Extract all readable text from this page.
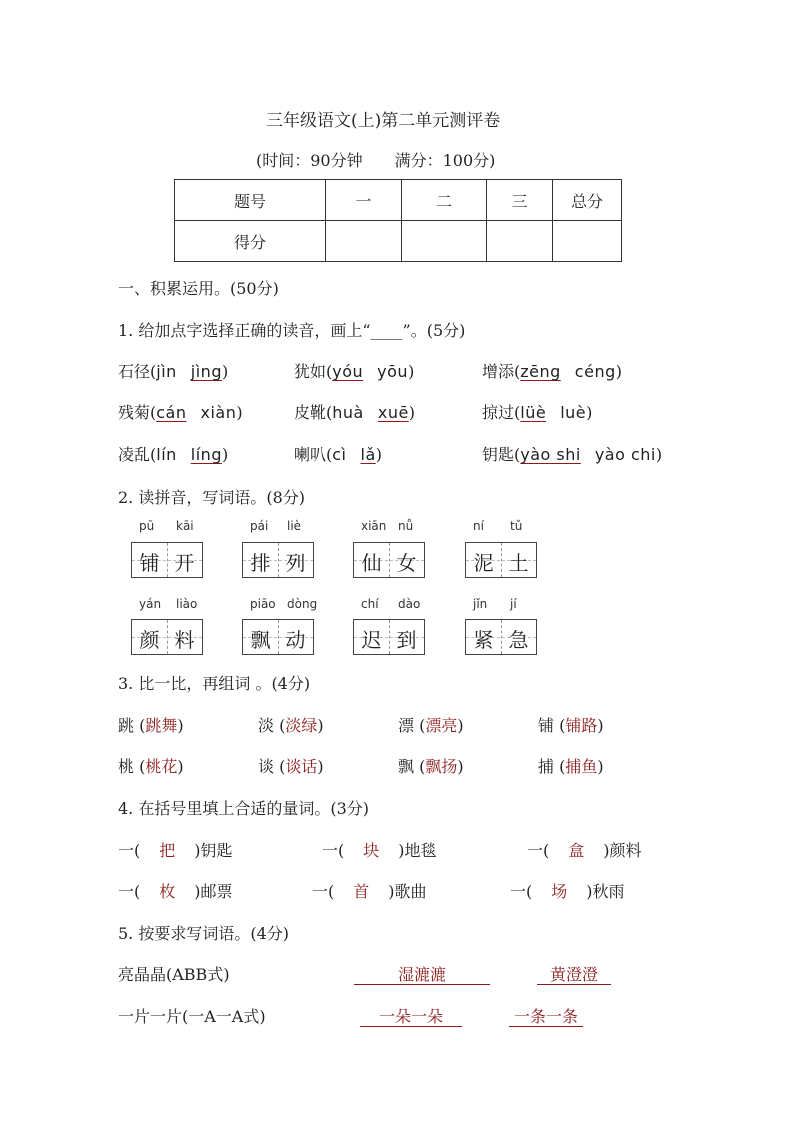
三年级语文(上)第二单元测评卷
(时间：90分钟　　满分：100分)
题号	一	二	三	总分
得分				
一、积累运用。(50分)
1. 给加点字选择正确的读音，画上“____”。(5分)
石径(jìn jìng)	犹如(yóu yōu)	增添(zēng céng)
残菊(cán xiàn)	皮靴(huà xuē)	掠过(lüè luè)
凌乱(lín líng)	喇叭(cì lǎ)	钥匙(yào shi yào chi)
2. 读拼音，写词语。(8分)
pū kāi
铺 开
pái liè
排 列
xiān nǚ
仙 女
ní tǔ
泥 土
yán liào
颜 料
piāo dòng
飘 动
chí dào
迟 到
jǐn jí
紧 急
3. 比一比，再组词 。(4分)
跳 (跳舞)	淡 (淡绿)	漂 (漂亮)	铺 (铺路)
桃 (桃花)	谈 (谈话)	飘 (飘扬)	捕 (捕鱼)
4. 在括号里填上合适的量词。(3分)
一( 把 )钥匙	一( 块 )地毯	一( 盒 )颜料
一( 枚 )邮票	一( 首 )歌曲	一( 场 )秋雨
5. 按要求写词语。(4分)
亮晶晶(ABB式)	湿漉漉	黄澄澄
一片一片(一A一A式)	一朵一朵	一条一条
